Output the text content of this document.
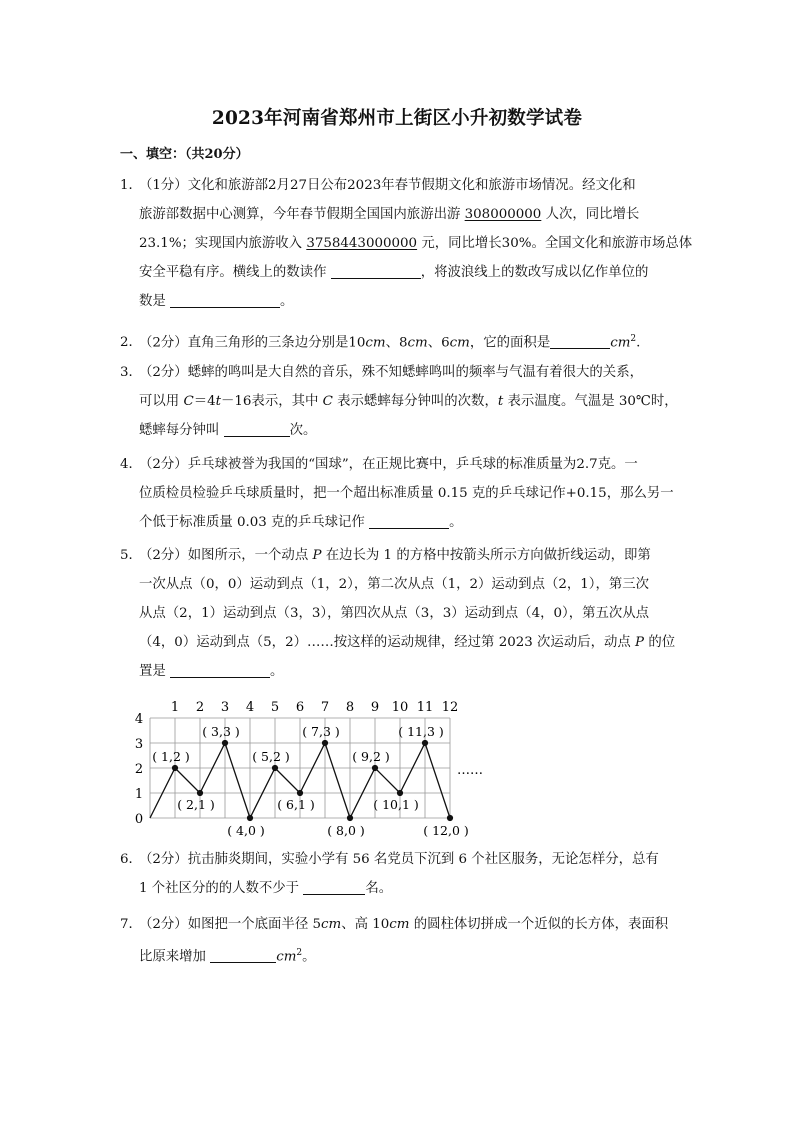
2023年河南省郑州市上街区小升初数学试卷
一、填空：（共20分）
1．（1分）文化和旅游部2月27日公布2023年春节假期文化和旅游市场情况。经文化和
旅游部数据中心测算，今年春节假期全国国内旅游出游 308000000 人次，同比增长
23.1%；实现国内旅游收入 3758443000000 元，同比增长30%。全国文化和旅游市场总体
安全平稳有序。横线上的数读作	，将波浪线上的数改写成以亿作单位的
数是	。
2．（2分）直角三角形的三条边分别是10cm、8cm、6cm，它的面积是	$cm^2$.
3．（2分）蟋蟀的鸣叫是大自然的音乐，殊不知蟋蟀鸣叫的频率与气温有着很大的关系，
可以用 C＝4t－16表示，其中 C 表示蟋蟀每分钟叫的次数，t 表示温度。气温是 30℃时，
蟋蟀每分钟叫	次。
4．（2分）乒乓球被誉为我国的“国球”，在正规比赛中，乒乓球的标准质量为2.7克。一
位质检员检验乒乓球质量时，把一个超出标准质量 0.15 克的乒乓球记作+0.15，那么另一
个低于标准质量 0.03 克的乒乓球记作	。
5．（2分）如图所示，一个动点 P 在边长为 1 的方格中按箭头所示方向做折线运动，即第
一次从点（0，0）运动到点（1，2），第二次从点（1，2）运动到点（2，1），第三次
从点（2，1）运动到点（3，3），第四次从点（3，3）运动到点（4，0），第五次从点
（4，0）运动到点（5，2）……按这样的运动规律，经过第 2023 次运动后，动点 P 的位
置是	。
1 2 3 4 5 6 7 8 9 10 11 12
4
3
2
1
0
( 1,2 )
( 2,1 )
( 3,3 )
( 4,0 )
( 5,2 )
( 6,1 )
( 7,3 )
( 8,0 )
( 9,2 )
( 10,1 )
( 11,3 )
( 12,0 )
……
6．（2分）抗击肺炎期间，实验小学有 56 名党员下沉到 6 个社区服务，无论怎样分，总有
1 个社区分的的人数不少于	名。
7．（2分）如图把一个底面半径 5cm、高 10cm 的圆柱体切拼成一个近似的长方体，表面积
比原来增加	$cm^2$。
